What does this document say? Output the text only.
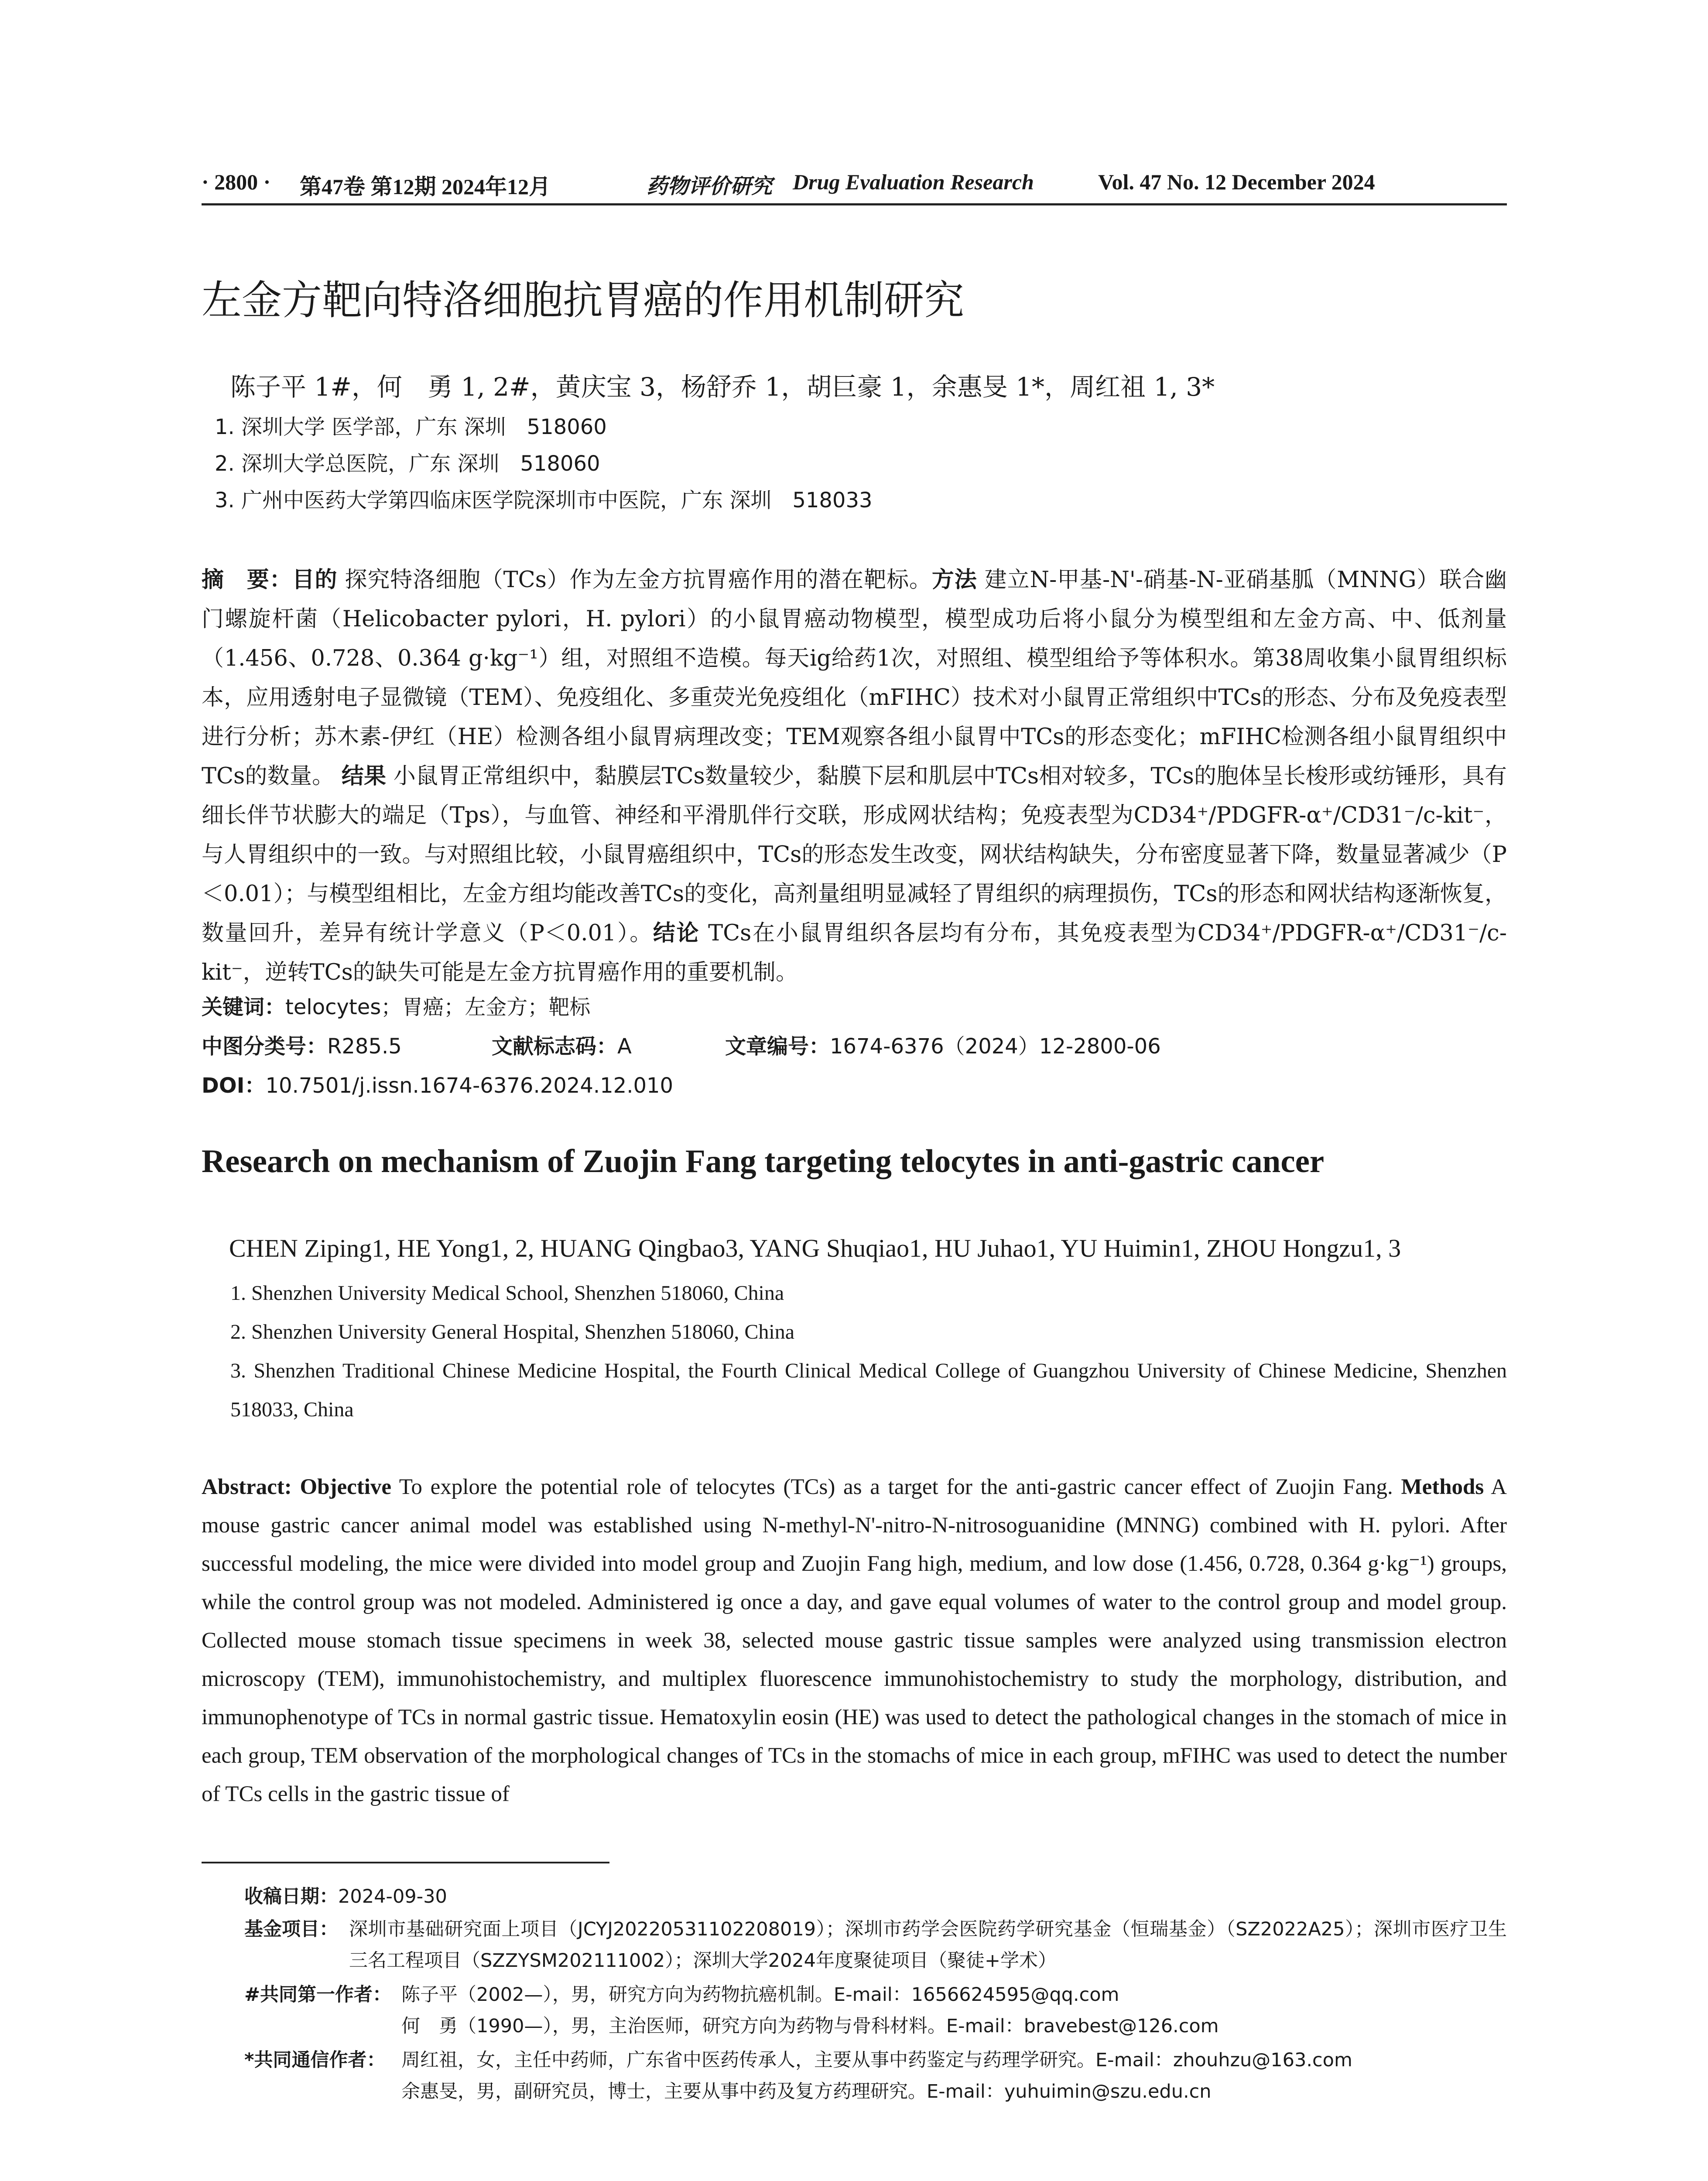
· 2800 · 第47卷 第12期 2024年12月	药物评价研究 Drug Evaluation Research	Vol. 47 No. 12 December 2024
左金方靶向特洛细胞抗胃癌的作用机制研究
陈子平 1#，何　勇 1, 2#，黄庆宝 3，杨舒乔 1，胡巨豪 1，余惠旻 1*，周红祖 1, 3*
1. 深圳大学 医学部，广东 深圳　518060
2. 深圳大学总医院，广东 深圳　518060
3. 广州中医药大学第四临床医学院深圳市中医院，广东 深圳　518033
摘　要：目的 探究特洛细胞（TCs）作为左金方抗胃癌作用的潜在靶标。方法 建立N-甲基-N'-硝基-N-亚硝基胍（MNNG）联合幽门螺旋杆菌（Helicobacter pylori，H. pylori）的小鼠胃癌动物模型，模型成功后将小鼠分为模型组和左金方高、中、低剂量（1.456、0.728、0.364 g·kg⁻¹）组，对照组不造模。每天ig给药1次，对照组、模型组给予等体积水。第38周收集小鼠胃组织标本，应用透射电子显微镜（TEM）、免疫组化、多重荧光免疫组化（mFIHC）技术对小鼠胃正常组织中TCs的形态、分布及免疫表型进行分析；苏木素-伊红（HE）检测各组小鼠胃病理改变；TEM观察各组小鼠胃中TCs的形态变化；mFIHC检测各组小鼠胃组织中TCs的数量。 结果 小鼠胃正常组织中，黏膜层TCs数量较少，黏膜下层和肌层中TCs相对较多，TCs的胞体呈长梭形或纺锤形，具有细长伴节状膨大的端足（Tps），与血管、神经和平滑肌伴行交联，形成网状结构；免疫表型为CD34⁺/PDGFR-α⁺/CD31⁻/c-kit⁻，与人胃组织中的一致。与对照组比较，小鼠胃癌组织中，TCs的形态发生改变，网状结构缺失，分布密度显著下降，数量显著减少（P＜0.01）；与模型组相比，左金方组均能改善TCs的变化，高剂量组明显减轻了胃组织的病理损伤，TCs的形态和网状结构逐渐恢复，数量回升，差异有统计学意义（P＜0.01）。结论 TCs在小鼠胃组织各层均有分布，其免疫表型为CD34⁺/PDGFR-α⁺/CD31⁻/c-kit⁻，逆转TCs的缺失可能是左金方抗胃癌作用的重要机制。
关键词：telocytes；胃癌；左金方；靶标
中图分类号：R285.5	文献标志码：A	文章编号：1674-6376（2024）12-2800-06
DOI：10.7501/j.issn.1674-6376.2024.12.010
Research on mechanism of Zuojin Fang targeting telocytes in anti-gastric cancer
CHEN Ziping1, HE Yong1, 2, HUANG Qingbao3, YANG Shuqiao1, HU Juhao1, YU Huimin1, ZHOU Hongzu1, 3
1. Shenzhen University Medical School, Shenzhen 518060, China
2. Shenzhen University General Hospital, Shenzhen 518060, China
3. Shenzhen Traditional Chinese Medicine Hospital, the Fourth Clinical Medical College of Guangzhou University of Chinese Medicine, Shenzhen 518033, China
Abstract: Objective To explore the potential role of telocytes (TCs) as a target for the anti-gastric cancer effect of Zuojin Fang. Methods A mouse gastric cancer animal model was established using N-methyl-N'-nitro-N-nitrosoguanidine (MNNG) combined with H. pylori. After successful modeling, the mice were divided into model group and Zuojin Fang high, medium, and low dose (1.456, 0.728, 0.364 g·kg⁻¹) groups, while the control group was not modeled. Administered ig once a day, and gave equal volumes of water to the control group and model group. Collected mouse stomach tissue specimens in week 38, selected mouse gastric tissue samples were analyzed using transmission electron microscopy (TEM), immunohistochemistry, and multiplex fluorescence immunohistochemistry to study the morphology, distribution, and immunophenotype of TCs in normal gastric tissue. Hematoxylin eosin (HE) was used to detect the pathological changes in the stomach of mice in each group, TEM observation of the morphological changes of TCs in the stomachs of mice in each group, mFIHC was used to detect the number of TCs cells in the gastric tissue of
收稿日期：2024-09-30
基金项目： 深圳市基础研究面上项目（JCYJ20220531102208019）；深圳市药学会医院药学研究基金（恒瑞基金）（SZ2022A25）；深圳市医疗卫生三名工程项目（SZZYSM202111002）；深圳大学2024年度聚徒项目（聚徒+学术）
#共同第一作者： 陈子平（2002—），男，研究方向为药物抗癌机制。E-mail：1656624595@qq.com
何　勇（1990—），男，主治医师，研究方向为药物与骨科材料。E-mail：bravebest@126.com
*共同通信作者： 周红祖，女，主任中药师，广东省中医药传承人，主要从事中药鉴定与药理学研究。E-mail：zhouhzu@163.com
余惠旻，男，副研究员，博士，主要从事中药及复方药理研究。E-mail：yuhuimin@szu.edu.cn
